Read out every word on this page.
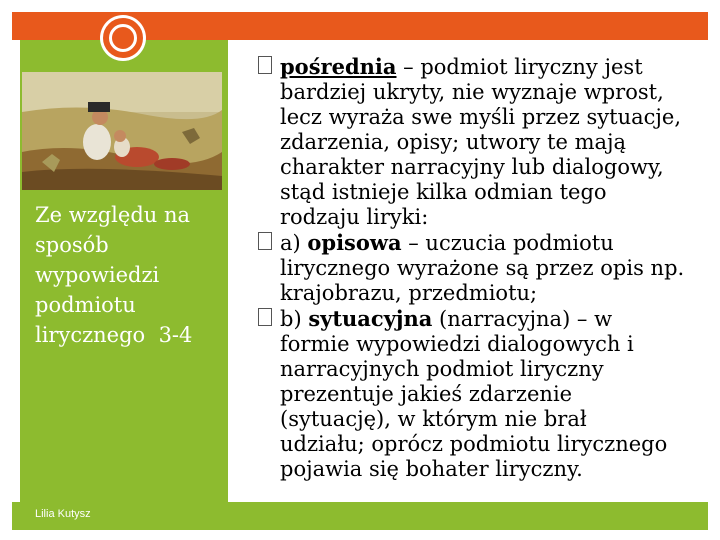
Ze względu na
sposób
wypowiedzi
podmiotu
lirycznego 3-4
Lilia Kutysz
pośrednia – podmiot liryczny jest
bardziej ukryty, nie wyznaje wprost,
lecz wyraża swe myśli przez sytuacje,
zdarzenia, opisy; utwory te mają
charakter narracyjny lub dialogowy,
stąd istnieje kilka odmian tego
rodzaju liryki:
a) opisowa – uczucia podmiotu
lirycznego wyrażone są przez opis np.
krajobrazu, przedmiotu;
b) sytuacyjna (narracyjna) – w
formie wypowiedzi dialogowych i
narracyjnych podmiot liryczny
prezentuje jakieś zdarzenie
(sytuację), w którym nie brał
udziału; oprócz podmiotu lirycznego
pojawia się bohater liryczny.
